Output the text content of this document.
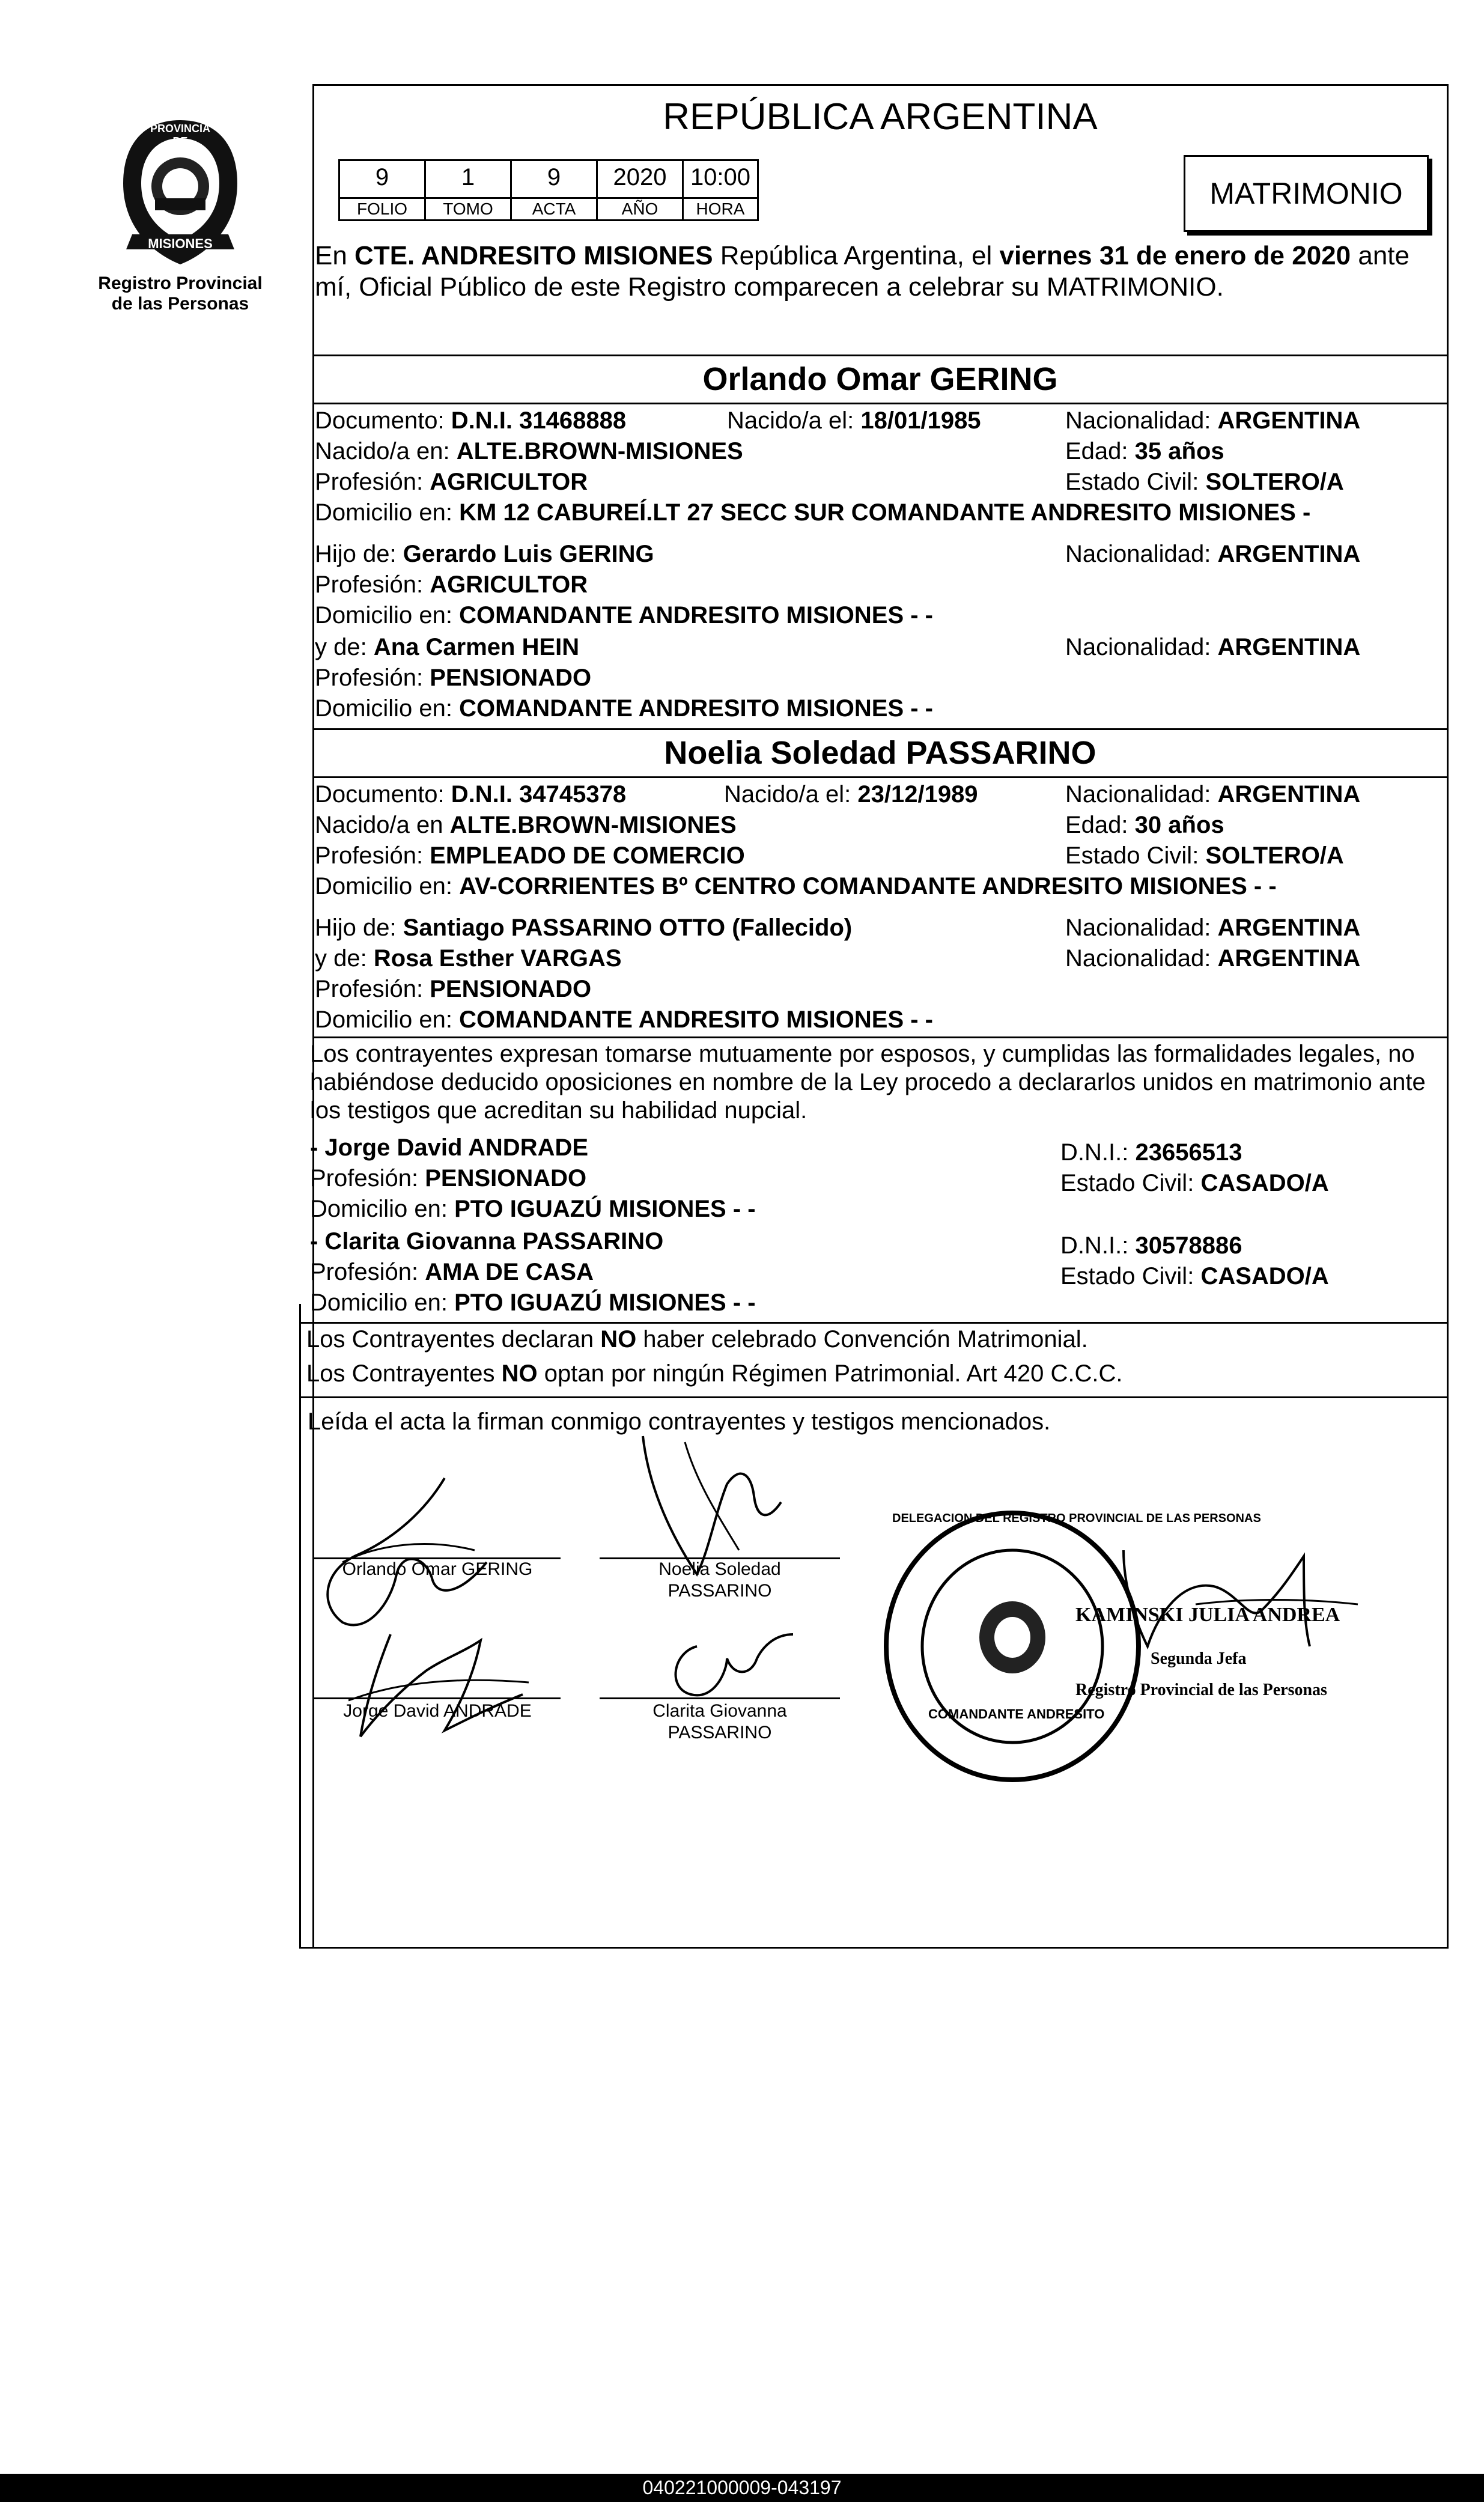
PROVINCIA DE
MISIONES
Registro Provincial
de las Personas
REPÚBLICA ARGENTINA
9	1	9	2020 10:00
FOLIO	TOMO	ACTA	AÑO	HORA	MATRIMONIO
En CTE. ANDRESITO MISIONES República Argentina, el viernes 31 de enero de 2020 ante
mí, Oficial Público de este Registro comparecen a celebrar su MATRIMONIO.
Orlando Omar GERING
Documento: D.N.I. 31468888	Nacido/a el: 18/01/1985	Nacionalidad: ARGENTINA
Nacido/a en: ALTE.BROWN-MISIONES	Edad: 35 años
Profesión: AGRICULTOR	Estado Civil: SOLTERO/A
Domicilio en: KM 12 CABUREÍ.LT 27 SECC SUR COMANDANTE ANDRESITO MISIONES -
Hijo de: Gerardo Luis GERING	Nacionalidad: ARGENTINA
Profesión: AGRICULTOR
Domicilio en: COMANDANTE ANDRESITO MISIONES - -
y de: Ana Carmen HEIN	Nacionalidad: ARGENTINA
Profesión: PENSIONADO
Domicilio en: COMANDANTE ANDRESITO MISIONES - -
Noelia Soledad PASSARINO
Documento: D.N.I. 34745378	Nacido/a el: 23/12/1989	Nacionalidad: ARGENTINA
Nacido/a en ALTE.BROWN-MISIONES	Edad: 30 años
Profesión: EMPLEADO DE COMERCIO	Estado Civil: SOLTERO/A
Domicilio en: AV-CORRIENTES Bº CENTRO COMANDANTE ANDRESITO MISIONES - -
Hijo de: Santiago PASSARINO OTTO (Fallecido)	Nacionalidad: ARGENTINA
y de: Rosa Esther VARGAS	Nacionalidad: ARGENTINA
Profesión: PENSIONADO
Domicilio en: COMANDANTE ANDRESITO MISIONES - -
Los contrayentes expresan tomarse mutuamente por esposos, y cumplidas las formalidades legales, no
habiéndose deducido oposiciones en nombre de la Ley procedo a declararlos unidos en matrimonio ante
los testigos que acreditan su habilidad nupcial.
- Jorge David ANDRADE	D.N.I.: 23656513
Profesión: PENSIONADO	Estado Civil: CASADO/A
Domicilio en: PTO IGUAZÚ MISIONES - -
- Clarita Giovanna PASSARINO	D.N.I.: 30578886
Profesión: AMA DE CASA	Estado Civil: CASADO/A
Domicilio en: PTO IGUAZÚ MISIONES - -
Los Contrayentes declaran NO haber celebrado Convención Matrimonial.
Los Contrayentes NO optan por ningún Régimen Patrimonial. Art 420 C.C.C.
Leída el acta la firman conmigo contrayentes y testigos mencionados.
Orlando Omar GERING	Noelia Soledad
PASSARINO
Jorge David ANDRADE	Clarita Giovanna
PASSARINO
DELEGACION DEL REGISTRO PROVINCIAL DE LAS PERSONAS
COMANDANTE ANDRESITO
KAMINSKI JULIA ANDREA
Segunda Jefa
Registro Provincial de las Personas
040221000009-043197
